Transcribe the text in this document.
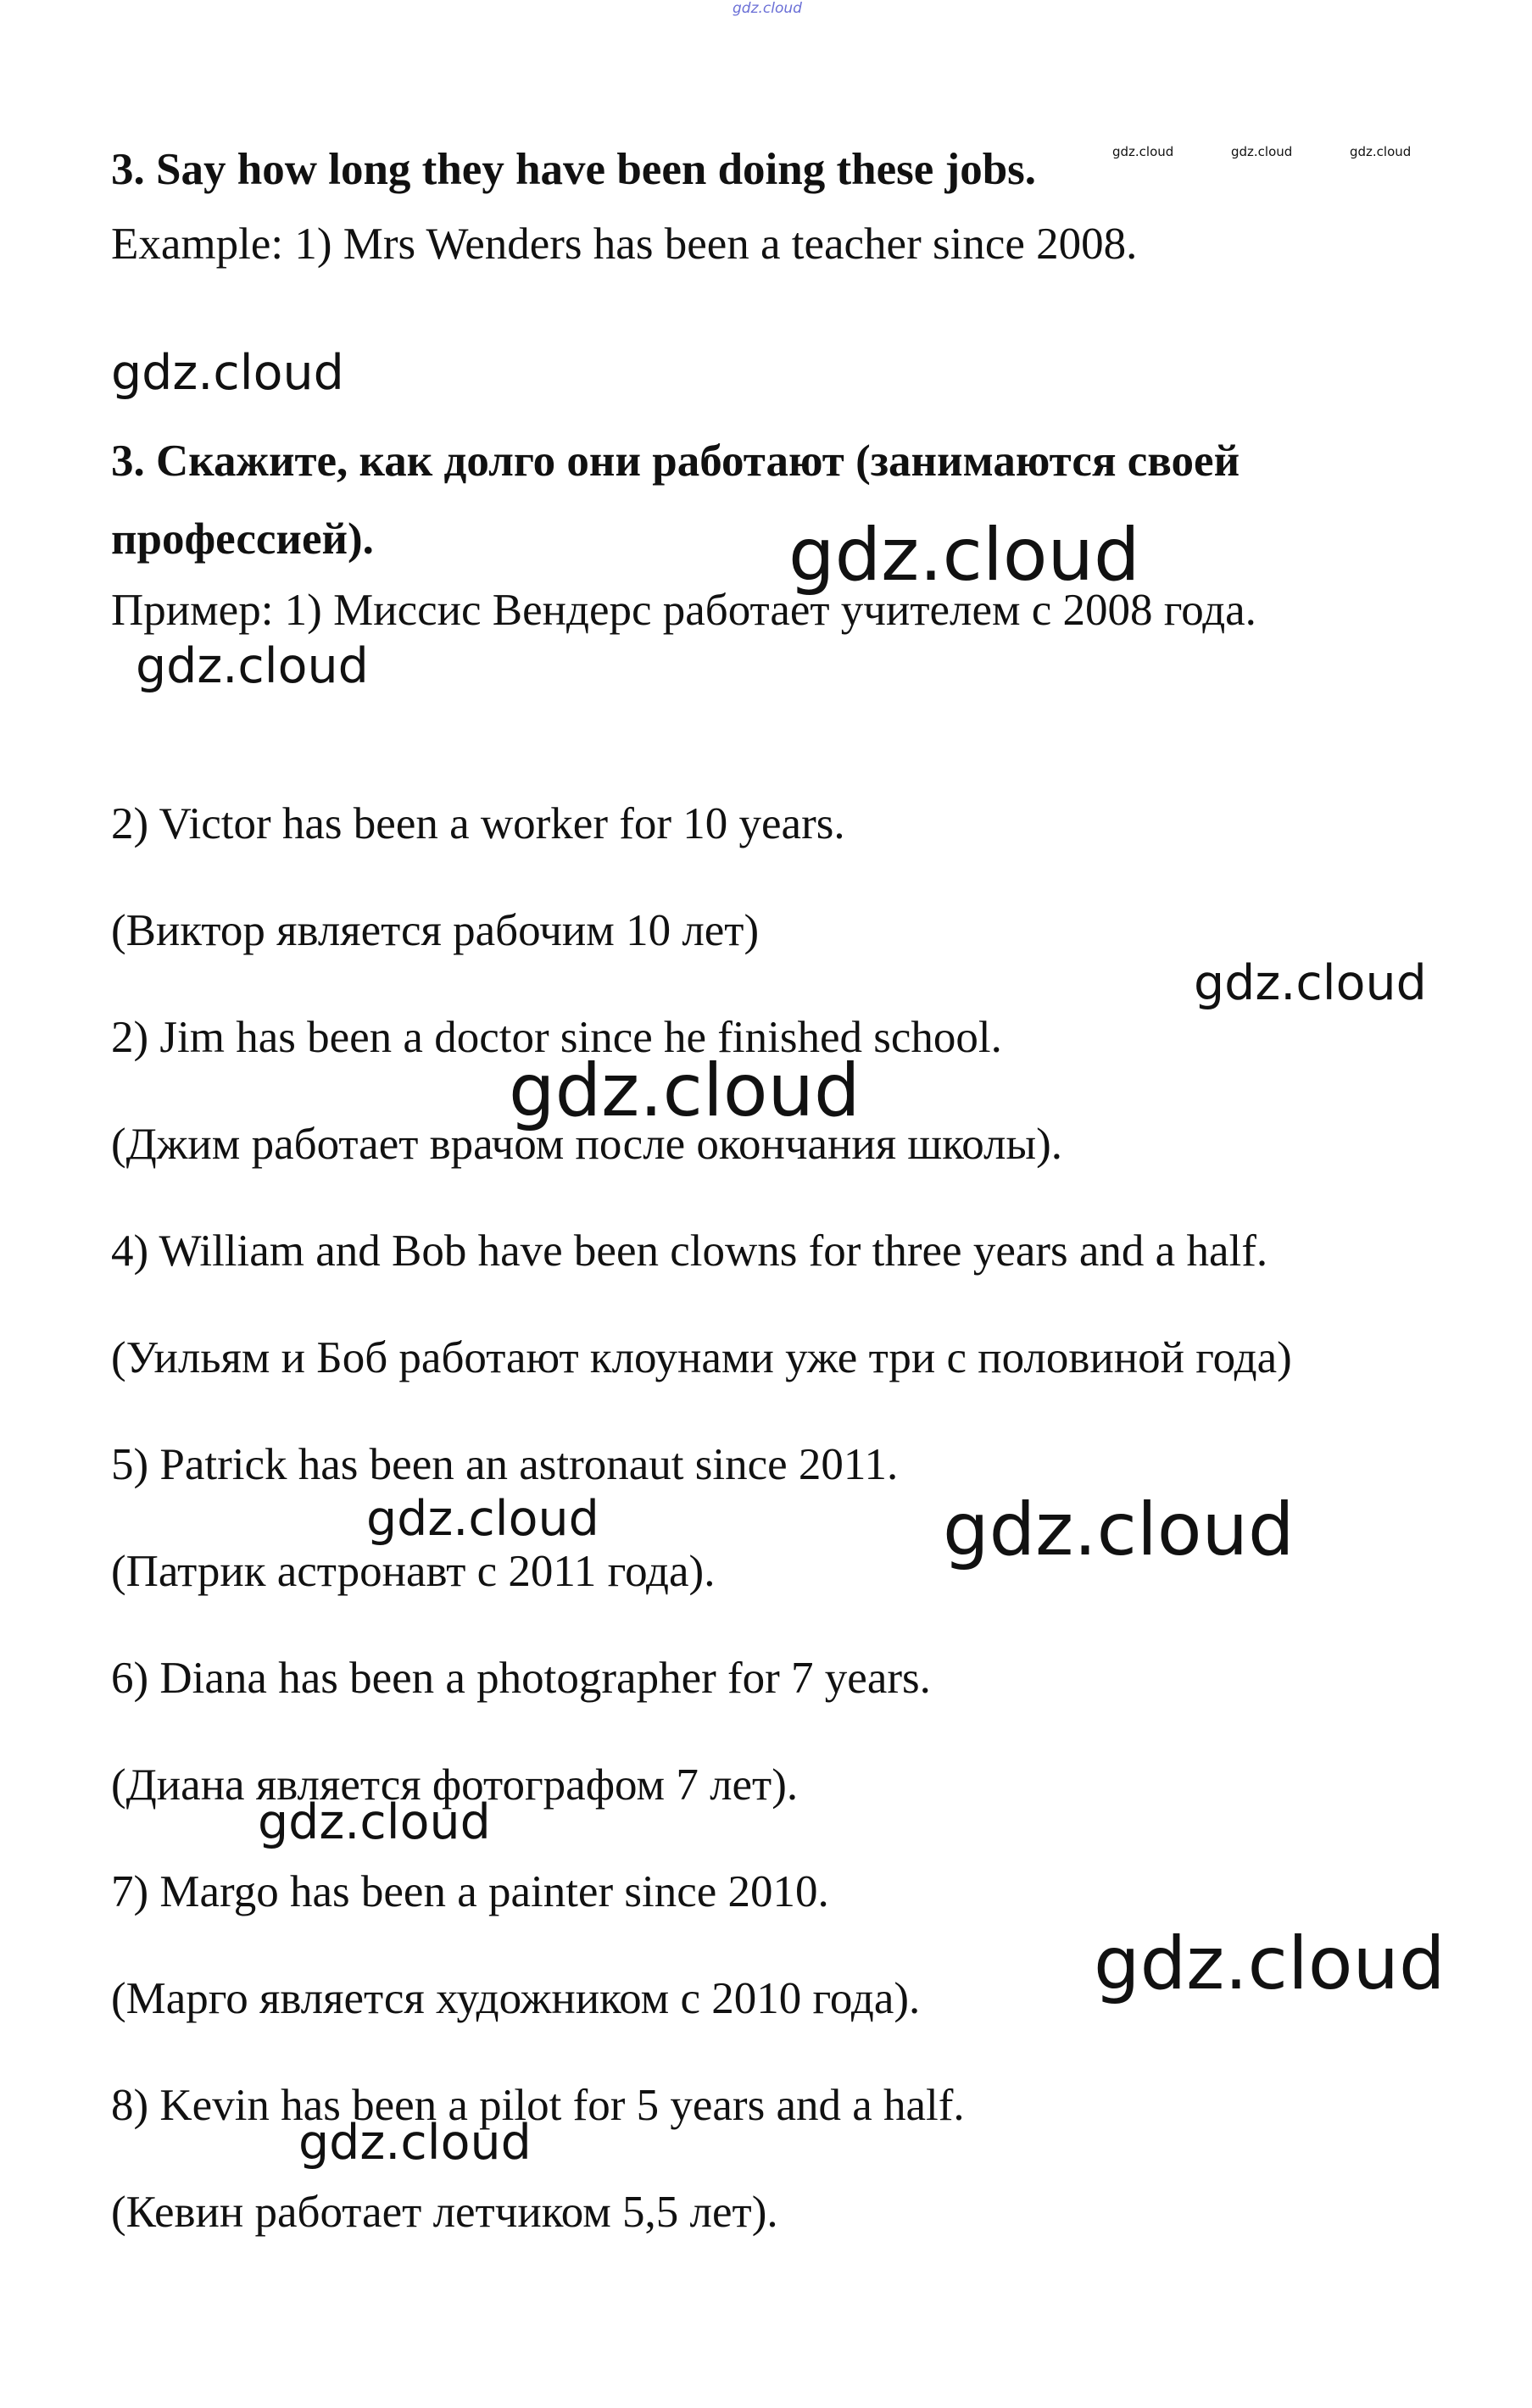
gdz.cloud

3. Say how long they have been doing these jobs.

Example: 1) Mrs Wenders has been a teacher since 2008.

3. Скажите, как долго они работают (занимаются своей

профессией).

Пример: 1) Миссис Вендерс работает учителем с 2008 года.

2) Victor has been a worker for 10 years.

(Виктор является рабочим 10 лет)

2) Jim has been a doctor since he finished school.

(Джим работает врачом после окончания школы).

4) William and Bob have been clowns for three years and a half.

(Уильям и Боб работают клоунами уже три с половиной года)

5) Patrick has been an astronaut since 2011.

(Патрик астронавт с 2011 года).

6) Diana has been a photographer for 7 years.

(Диана является фотографом 7 лет).

7) Margo has been a painter since 2010.

(Марго является художником с 2010 года).

8) Kevin has been a pilot for 5 years and a half.

(Кевин работает летчиком 5,5 лет).

gdz.cloud	gdz.cloud	gdz.cloud
gdz.cloud
gdz.cloud
gdz.cloud
gdz.cloud
gdz.cloud
gdz.cloud	gdz.cloud
gdz.cloud
gdz.cloud
gdz.cloud
